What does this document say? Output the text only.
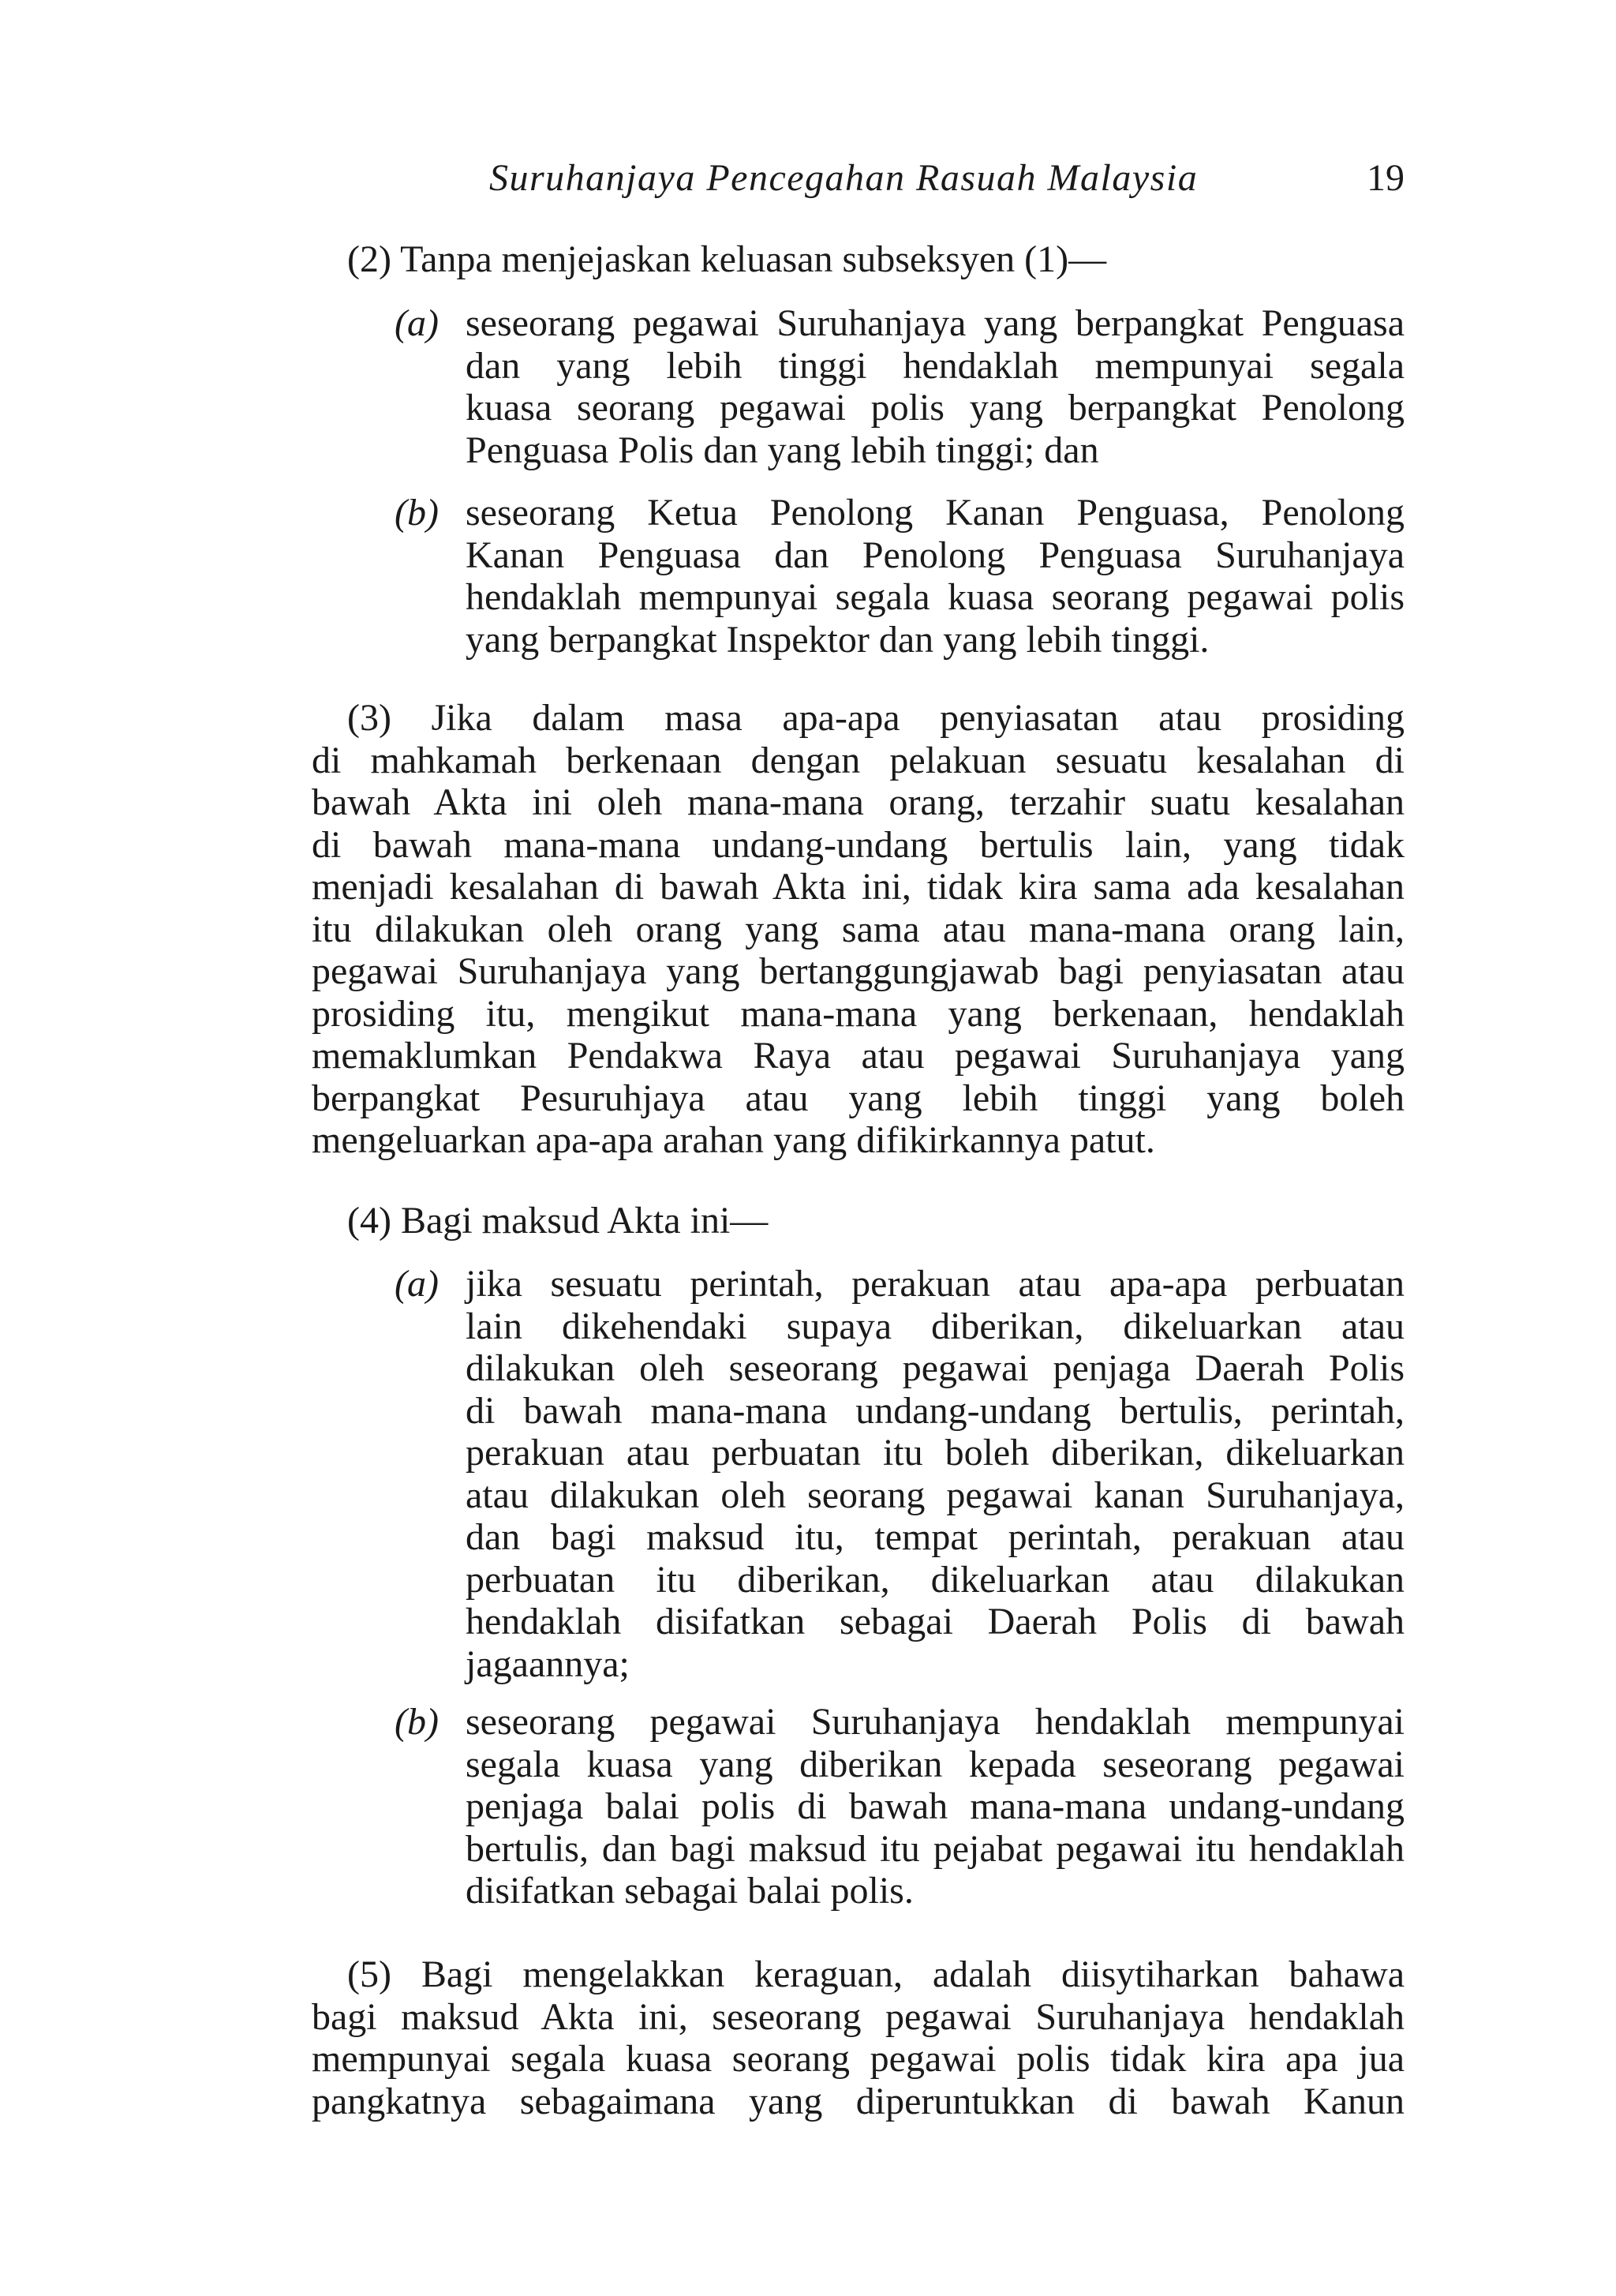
Suruhanjaya Pencegahan Rasuah Malaysia	19
(2) Tanpa menjejaskan keluasan subseksyen (1)—
(a) seseorang pegawai Suruhanjaya yang berpangkat Penguasa
dan yang lebih tinggi hendaklah mempunyai segala
kuasa seorang pegawai polis yang berpangkat Penolong
Penguasa Polis dan yang lebih tinggi; dan
(b) seseorang Ketua Penolong Kanan Penguasa, Penolong
Kanan Penguasa dan Penolong Penguasa Suruhanjaya
hendaklah mempunyai segala kuasa seorang pegawai polis
yang berpangkat Inspektor dan yang lebih tinggi.
(3) Jika dalam masa apa-apa penyiasatan atau prosiding
di mahkamah berkenaan dengan pelakuan sesuatu kesalahan di
bawah Akta ini oleh mana-mana orang, terzahir suatu kesalahan
di bawah mana-mana undang-undang bertulis lain, yang tidak
menjadi kesalahan di bawah Akta ini, tidak kira sama ada kesalahan
itu dilakukan oleh orang yang sama atau mana-mana orang lain,
pegawai Suruhanjaya yang bertanggungjawab bagi penyiasatan atau
prosiding itu, mengikut mana-mana yang berkenaan, hendaklah
memaklumkan Pendakwa Raya atau pegawai Suruhanjaya yang
berpangkat Pesuruhjaya atau yang lebih tinggi yang boleh
mengeluarkan apa-apa arahan yang difikirkannya patut.
(4) Bagi maksud Akta ini—
(a) jika sesuatu perintah, perakuan atau apa-apa perbuatan
lain dikehendaki supaya diberikan, dikeluarkan atau
dilakukan oleh seseorang pegawai penjaga Daerah Polis
di bawah mana-mana undang-undang bertulis, perintah,
perakuan atau perbuatan itu boleh diberikan, dikeluarkan
atau dilakukan oleh seorang pegawai kanan Suruhanjaya,
dan bagi maksud itu, tempat perintah, perakuan atau
perbuatan itu diberikan, dikeluarkan atau dilakukan
hendaklah disifatkan sebagai Daerah Polis di bawah
jagaannya;
(b) seseorang pegawai Suruhanjaya hendaklah mempunyai
segala kuasa yang diberikan kepada seseorang pegawai
penjaga balai polis di bawah mana-mana undang-undang
bertulis, dan bagi maksud itu pejabat pegawai itu hendaklah
disifatkan sebagai balai polis.
(5) Bagi mengelakkan keraguan, adalah diisytiharkan bahawa
bagi maksud Akta ini, seseorang pegawai Suruhanjaya hendaklah
mempunyai segala kuasa seorang pegawai polis tidak kira apa jua
pangkatnya sebagaimana yang diperuntukkan di bawah Kanun
